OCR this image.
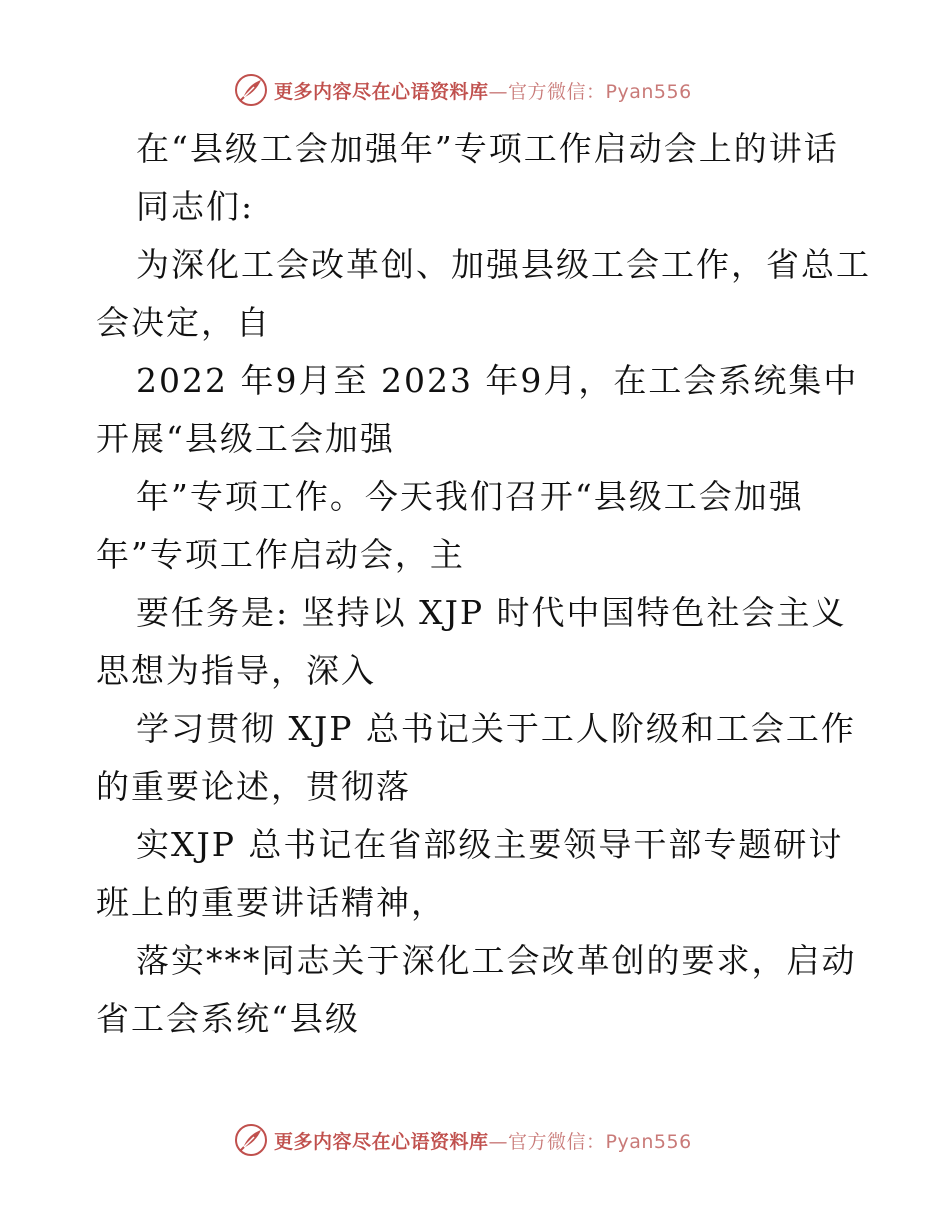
更多内容尽在心语资料库—官方微信：Pyan556
在“县级工会加强年”专项工作启动会上的讲话
同志们:
为深化工会改革创、加强县级工会工作，省总工
会决定，自
2022 年9月至 2023 年9月，在工会系统集中
开展“县级工会加强
年”专项工作。今天我们召开“县级工会加强
年”专项工作启动会，主
要任务是: 坚持以 XJP 时代中国特色社会主义
思想为指导，深入
学习贯彻 XJP 总书记关于工人阶级和工会工作
的重要论述，贯彻落
实XJP 总书记在省部级主要领导干部专题研讨
班上的重要讲话精神，
落实***同志关于深化工会改革创的要求，启动
省工会系统“县级
更多内容尽在心语资料库—官方微信：Pyan556
